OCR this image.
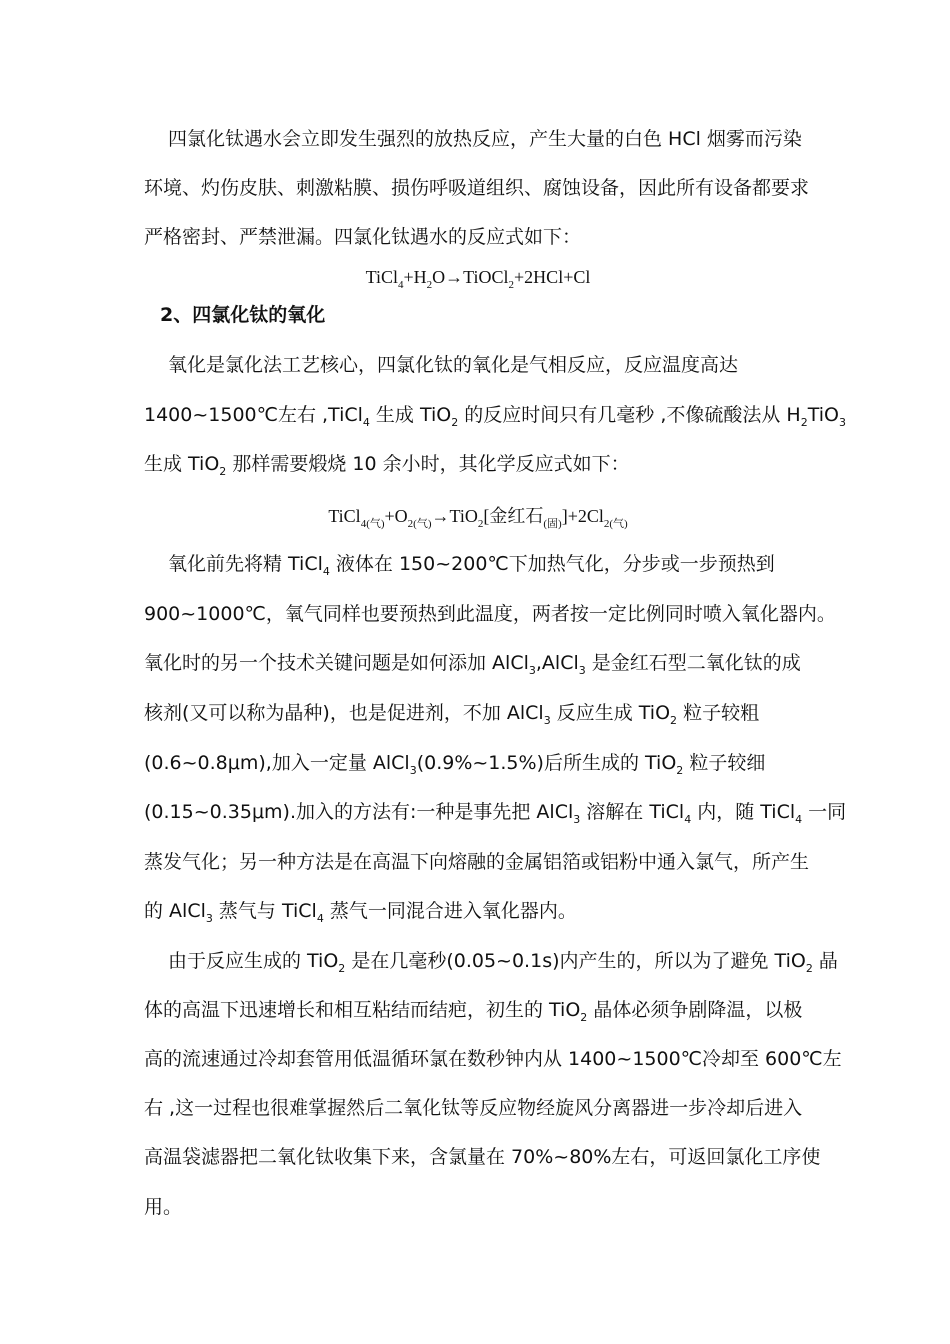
四氯化钛遇水会立即发生强烈的放热反应，产生大量的白色 HCl 烟雾而污染
环境、灼伤皮肤、刺激粘膜、损伤呼吸道组织、腐蚀设备，因此所有设备都要求
严格密封、严禁泄漏。四氯化钛遇水的反应式如下：
$TiCl_4+H_2O\to TiOCl_2+2HCl+Cl$
2、四氯化钛的氧化
氧化是氯化法工艺核心，四氯化钛的氧化是气相反应，反应温度高达
1400~1500℃左右 ,TiCl$_4$ 生成 TiO$_2$ 的反应时间只有几毫秒 ,不像硫酸法从 $H_2TiO_3$
生成 TiO$_2$ 那样需要煅烧 10 余小时，其化学反应式如下：
$TiCl_{4(气)}+O_{2(气)}\to TiO_2$[金红石$_{(固)}]+2Cl_{2(气)}$
氧化前先将精 TiCl$_4$ 液体在 150~200℃下加热气化，分步或一步预热到
900~1000℃，氧气同样也要预热到此温度，两者按一定比例同时喷入氧化器内。
氧化时的另一个技术关键问题是如何添加 AlCl$_3$,AlCl$_3$ 是金红石型二氧化钛的成
核剂(又可以称为晶种)，也是促进剂，不加 AlCl$_3$ 反应生成 TiO$_2$ 粒子较粗
(0.6~0.8μm),加入一定量 AlCl$_3$(0.9%~1.5%)后所生成的 TiO$_2$ 粒子较细
(0.15~0.35μm).加入的方法有:一种是事先把 AlCl$_3$ 溶解在 TiCl$_4$ 内，随 TiCl$_4$ 一同
蒸发气化；另一种方法是在高温下向熔融的金属铝箔或铝粉中通入氯气，所产生
的 AlCl$_3$ 蒸气与 TiCl$_4$ 蒸气一同混合进入氧化器内。
由于反应生成的 TiO$_2$ 是在几毫秒(0.05~0.1s)内产生的，所以为了避免 TiO$_2$ 晶
体的高温下迅速增长和相互粘结而结疤，初生的 TiO$_2$ 晶体必须争剧降温，以极
高的流速通过冷却套管用低温循环氯在数秒钟内从 1400~1500℃冷却至 600℃左
右 ,这一过程也很难掌握然后二氧化钛等反应物经旋风分离器进一步冷却后进入
高温袋滤器把二氧化钛收集下来，含氯量在 70%~80%左右，可返回氯化工序使
用。
